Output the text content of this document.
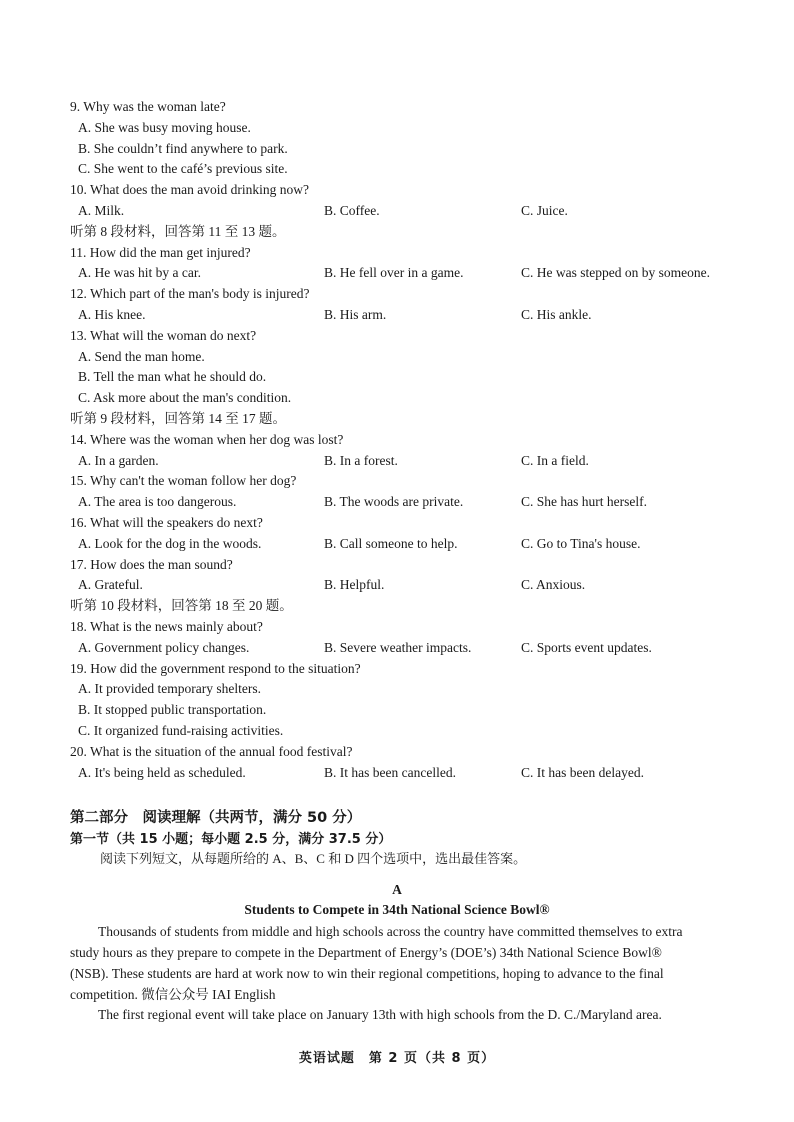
9. Why was the woman late?
A. She was busy moving house.
B. She couldn’t find anywhere to park.
C. She went to the café’s previous site.
10. What does the man avoid drinking now?
A. Milk.	B. Coffee.	C. Juice.
听第 8 段材料，回答第 11 至 13 题。
11. How did the man get injured?
A. He was hit by a car.	B. He fell over in a game.	C. He was stepped on by someone.
12. Which part of the man's body is injured?
A. His knee.	B. His arm.	C. His ankle.
13. What will the woman do next?
A. Send the man home.
B. Tell the man what he should do.
C. Ask more about the man's condition.
听第 9 段材料，回答第 14 至 17 题。
14. Where was the woman when her dog was lost?
A. In a garden.	B. In a forest.	C. In a field.
15. Why can't the woman follow her dog?
A. The area is too dangerous.	B. The woods are private.	C. She has hurt herself.
16. What will the speakers do next?
A. Look for the dog in the woods.	B. Call someone to help.	C. Go to Tina's house.
17. How does the man sound?
A. Grateful.	B. Helpful.	C. Anxious.
听第 10 段材料，回答第 18 至 20 题。
18. What is the news mainly about?
A. Government policy changes.	B. Severe weather impacts.	C. Sports event updates.
19. How did the government respond to the situation?
A. It provided temporary shelters.
B. It stopped public transportation.
C. It organized fund-raising activities.
20. What is the situation of the annual food festival?
A. It's being held as scheduled.	B. It has been cancelled.	C. It has been delayed.
第二部分　阅读理解（共两节，满分 50 分）
第一节（共 15 小题；每小题 2.5 分，满分 37.5 分）
阅读下列短文，从每题所给的 A、B、C 和 D 四个选项中，选出最佳答案。
A
Students to Compete in 34th National Science Bowl®
Thousands of students from middle and high schools across the country have committed themselves to extra
study hours as they prepare to compete in the Department of Energy’s (DOE’s) 34th National Science Bowl®
(NSB). These students are hard at work now to win their regional competitions, hoping to advance to the final
competition. 微信公众号 IAI English
The first regional event will take place on January 13th with high schools from the D. C./Maryland area.
英语试题　第 2 页（共 8 页）
